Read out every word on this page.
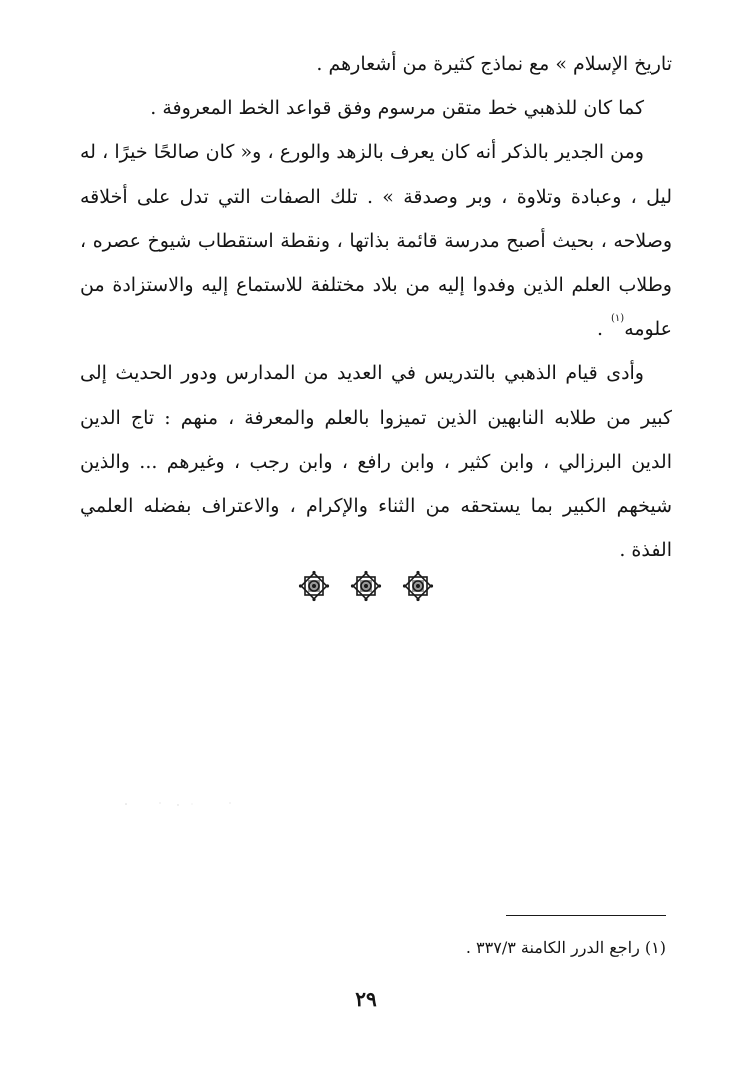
تاريخ الإسلام » مع نماذج كثيرة من أشعارهم .
كما كان للذهبي خط متقن مرسوم وفق قواعد الخط المعروفة .
ومن الجدير بالذكر أنه كان يعرف بالزهد والورع ، و« كان صالحًا خيرًا ، له
ليل ، وعبادة وتلاوة ، وبر وصدقة » . تلك الصفات التي تدل على أخلاقه
وصلاحه ، بحيث أصبح مدرسة قائمة بذاتها ، ونقطة استقطاب شيوخ عصره ،
وطلاب العلم الذين وفدوا إليه من بلاد مختلفة للاستماع إليه والاستزادة من
علومه$^{(١)}$.
وأدى قيام الذهبي بالتدريس في العديد من المدارس ودور الحديث إلى
كبير من طلابه النابهين الذين تميزوا بالعلم والمعرفة ، منهم : تاج الدين
الدين البرزالي ، وابن كثير ، وابن رافع ، وابن رجب ، وغيرهم ... والذين
شيخهم الكبير بما يستحقه من الثناء والإكرام ، والاعتراف بفضله العلمي
الفذة .
(١) راجع الدرر الكامنة ٣٣٧/٣ .
٢٩
